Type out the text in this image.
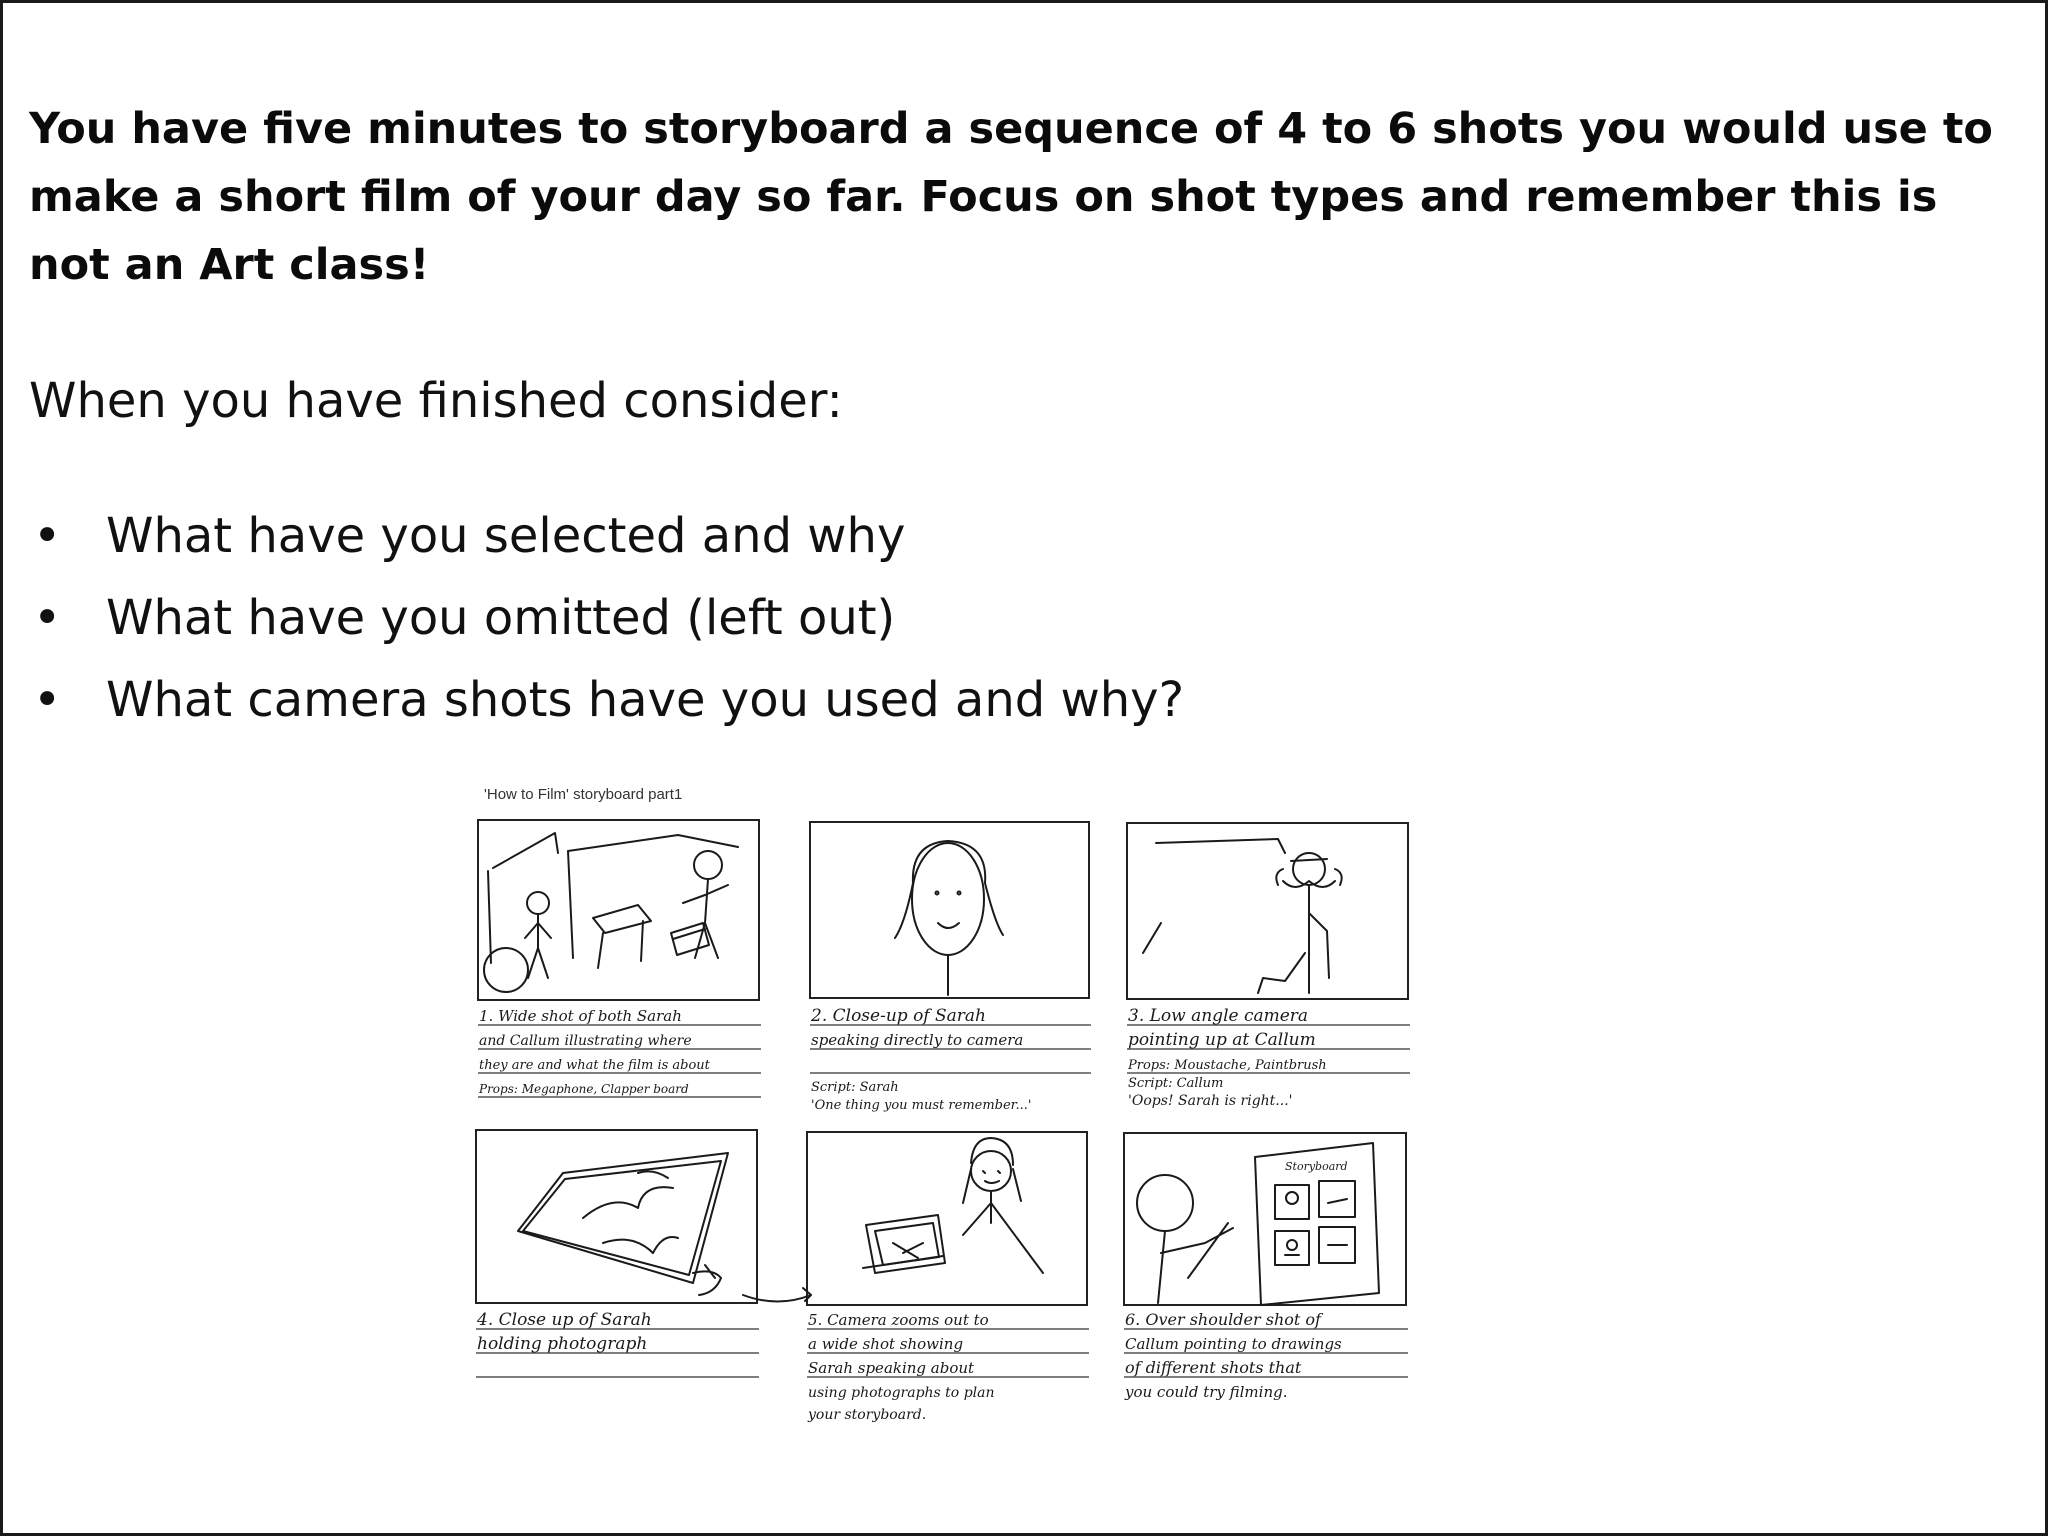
You have five minutes to storyboard a sequence of 4 to 6 shots you would use to make a short film of your day so far. Focus on shot types and remember this is not an Art class!

When you have finished consider:

• What have you selected and why
• What have you omitted (left out)
• What camera shots have you used and why?
'How to Film' storyboard part1
Storyboard
1. Wide shot of both Sarah
and Callum illustrating where
they are and what the film is about
Props: Megaphone, Clapper board
2. Close-up of Sarah
speaking directly to camera
Script: Sarah
'One thing you must remember...'
3. Low angle camera
pointing up at Callum
Props: Moustache, Paintbrush
Script: Callum
'Oops! Sarah is right...'
4. Close up of Sarah
holding photograph
5. Camera zooms out to
a wide shot showing
Sarah speaking about
using photographs to plan
your storyboard.
6. Over shoulder shot of
Callum pointing to drawings
of different shots that
you could try filming.
